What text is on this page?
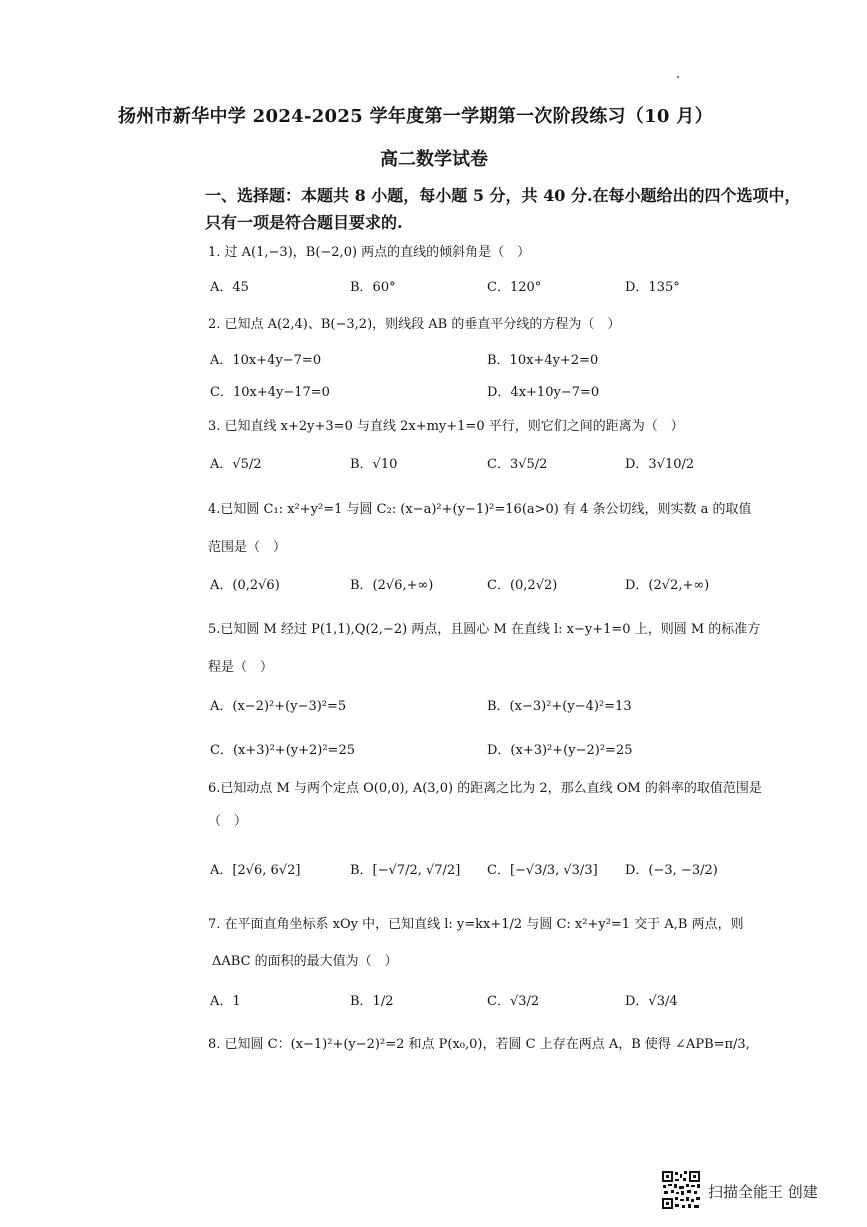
扬州市新华中学 2024-2025 学年度第一学期第一次阶段练习（10 月）
高二数学试卷
一、选择题：本题共 8 小题，每小题 5 分，共 40 分.在每小题给出的四个选项中，
只有一项是符合题目要求的.
1. 过 A(1,−3)，B(−2,0) 两点的直线的倾斜角是（　）
A．45	B．60°	C．120°	D．135°
2. 已知点 A(2,4)、B(−3,2)，则线段 AB 的垂直平分线的方程为（　）
A．10x+4y−7=0	B．10x+4y+2=0
C．10x+4y−17=0	D．4x+10y−7=0
3. 已知直线 x+2y+3=0 与直线 2x+my+1=0 平行，则它们之间的距离为（　）
A．√5/2	B．√10	C．3√5/2	D．3√10/2
4.已知圆 C₁: x²+y²=1 与圆 C₂: (x−a)²+(y−1)²=16(a>0) 有 4 条公切线，则实数 a 的取值
范围是（　）
A．(0,2√6)	B．(2√6,+∞)	C．(0,2√2)	D．(2√2,+∞)
5.已知圆 M 经过 P(1,1),Q(2,−2) 两点，且圆心 M 在直线 l: x−y+1=0 上，则圆 M 的标准方
程是（　）
A．(x−2)²+(y−3)²=5	B．(x−3)²+(y−4)²=13
C．(x+3)²+(y+2)²=25	D．(x+3)²+(y−2)²=25
6.已知动点 M 与两个定点 O(0,0), A(3,0) 的距离之比为 2，那么直线 OM 的斜率的取值范围是
（　）
A．[2√6, 6√2]	B．[−√7/2, √7/2] C．[−√3/3, √3/3] D．(−3, −3/2)
7. 在平面直角坐标系 xOy 中，已知直线 l: y=kx+1/2 与圆 C: x²+y²=1 交于 A,B 两点，则
ΔABC 的面积的最大值为（　）
A．1	B．1/2	C．√3/2	D．√3/4
8. 已知圆 C：(x−1)²+(y−2)²=2 和点 P(x₀,0)，若圆 C 上存在两点 A，B 使得 ∠APB=π/3,
扫描全能王 创建
